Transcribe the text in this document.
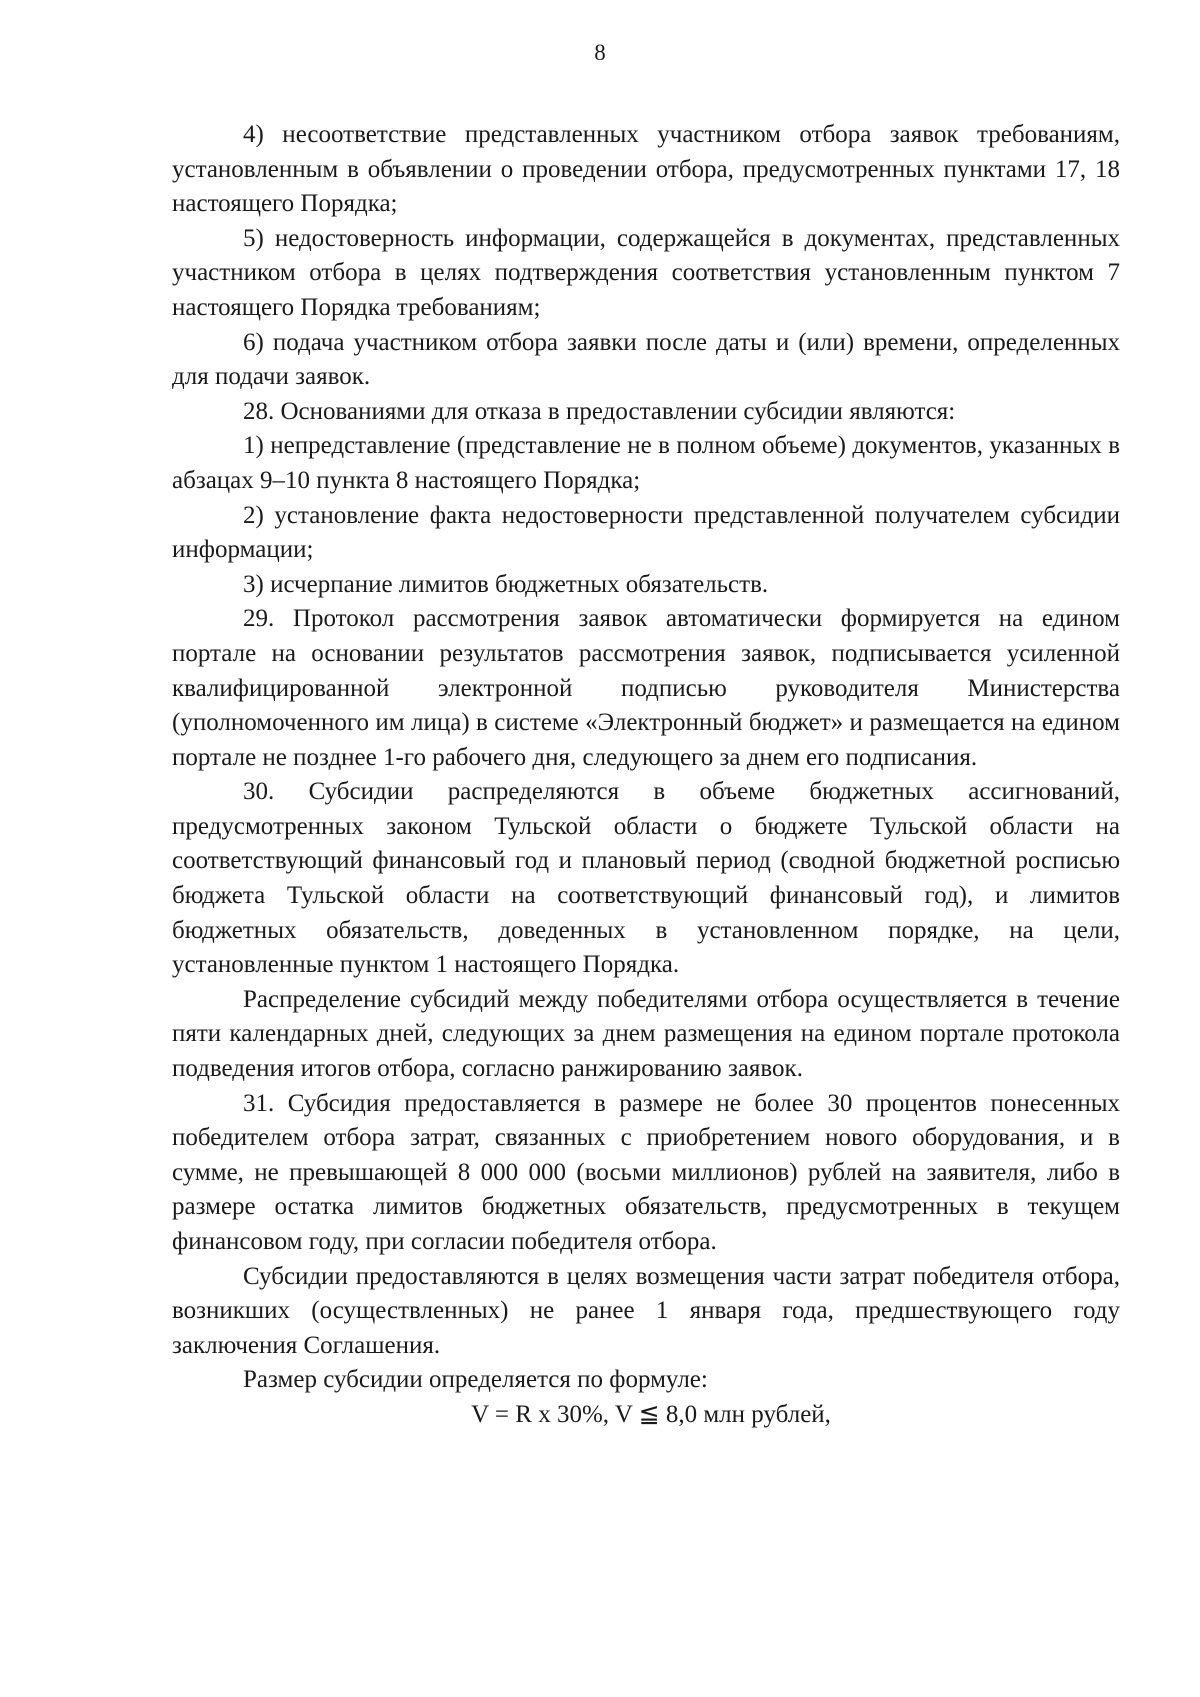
8

4) несоответствие представленных участником отбора заявок требованиям, установленным в объявлении о проведении отбора, предусмотренных пунктами 17, 18 настоящего Порядка;

5) недостоверность информации, содержащейся в документах, представленных участником отбора в целях подтверждения соответствия установленным пунктом 7 настоящего Порядка требованиям;

6) подача участником отбора заявки после даты и (или) времени, определенных для подачи заявок.

28. Основаниями для отказа в предоставлении субсидии являются:

1) непредставление (представление не в полном объеме) документов, указанных в абзацах 9–10 пункта 8 настоящего Порядка;

2) установление факта недостоверности представленной получателем субсидии информации;

3) исчерпание лимитов бюджетных обязательств.

29. Протокол рассмотрения заявок автоматически формируется на едином портале на основании результатов рассмотрения заявок, подписывается усиленной квалифицированной электронной подписью руководителя Министерства (уполномоченного им лица) в системе «Электронный бюджет» и размещается на едином портале не позднее 1-го рабочего дня, следующего за днем его подписания.

30. Субсидии распределяются в объеме бюджетных ассигнований, предусмотренных законом Тульской области о бюджете Тульской области на соответствующий финансовый год и плановый период (сводной бюджетной росписью бюджета Тульской области на соответствующий финансовый год), и лимитов бюджетных обязательств, доведенных в установленном порядке, на цели, установленные пунктом 1 настоящего Порядка.

Распределение субсидий между победителями отбора осуществляется в течение пяти календарных дней, следующих за днем размещения на едином портале протокола подведения итогов отбора, согласно ранжированию заявок.

31. Субсидия предоставляется в размере не более 30 процентов понесенных победителем отбора затрат, связанных с приобретением нового оборудования, и в сумме, не превышающей 8 000 000 (восьми миллионов) рублей на заявителя, либо в размере остатка лимитов бюджетных обязательств, предусмотренных в текущем финансовом году, при согласии победителя отбора.

Субсидии предоставляются в целях возмещения части затрат победителя отбора, возникших (осуществленных) не ранее 1 января года, предшествующего году заключения Соглашения.

Размер субсидии определяется по формуле:

V = R x 30%, V ≦ 8,0 млн рублей,
